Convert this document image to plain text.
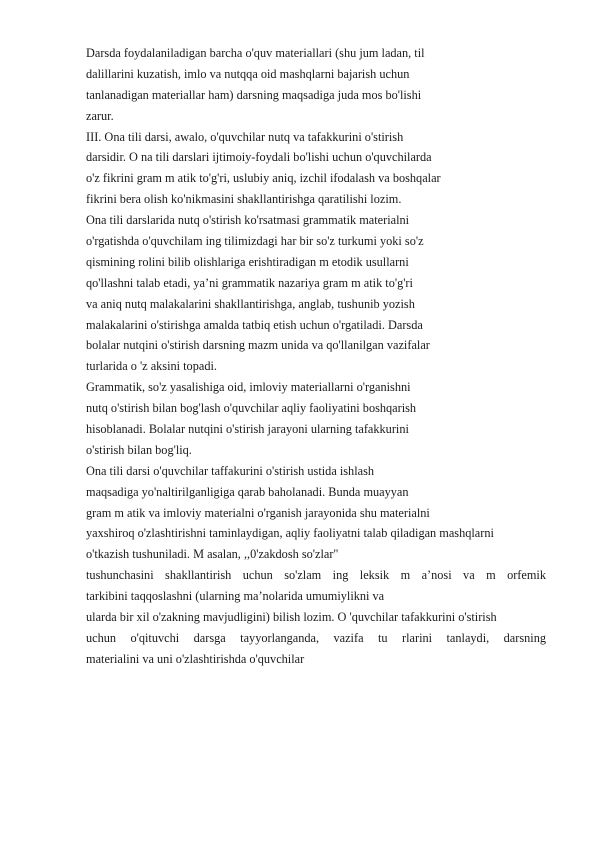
Darsda foydalaniladigan barcha o'quv materiallari (shu jum ladan, til
dalillarini kuzatish, imlo va nutqqa oid mashqlarni bajarish uchun
tanlanadigan materiallar ham) darsning maqsadiga juda mos bo'lishi
zarur.
III. Ona tili darsi, awalo, o'quvchilar nutq va tafakkurini o'stirish
darsidir. O na tili darslari ijtimoiy-foydali bo'lishi uchun o'quvchilarda
o'z fikrini gram m atik to'g'ri, uslubiy aniq, izchil ifodalash va boshqalar
fikrini bera olish ko'nikmasini shakllantirishga qaratilishi lozim.
Ona tili darslarida nutq o'stirish ko'rsatmasi grammatik materialni
o'rgatishda o'quvchilam ing tilimizdagi har bir so'z turkumi yoki so'z
qismining rolini bilib olishlariga erishtiradigan m etodik usullarni
qo'llashni talab etadi, ya’ni grammatik nazariya gram m atik to'g'ri
va aniq nutq malakalarini shakllantirishga, anglab, tushunib yozish
malakalarini o'stirishga amalda tatbiq etish uchun o'rgatiladi. Darsda
bolalar nutqini o'stirish darsning mazm unida va qo'llanilgan vazifalar
turlarida o 'z aksini topadi.
Grammatik, so'z yasalishiga oid, imloviy materiallarni o'rganishni
nutq o'stirish bilan bog'lash o'quvchilar aqliy faoliyatini boshqarish
hisoblanadi. Bolalar nutqini o'stirish jarayoni ularning tafakkurini
o'stirish bilan bog'liq.
Ona tili darsi o'quvchilar taffakurini o'stirish ustida ishlash
maqsadiga yo'naltirilganligiga qarab baholanadi. Bunda muayyan
gram m atik va imloviy materialni o'rganish jarayonida shu materialni
yaxshiroq o'zlashtirishni taminlaydigan, aqliy faoliyatni talab qiladigan mashqlarni
o'tkazish tushuniladi. M asalan, ,,0'zakdosh so'zlar"
tushunchasini shakllantirish uchun so'zlam ing leksik m a’nosi va m orfemik
tarkibini taqqoslashni (ularning ma’nolarida umumiylikni va
ularda bir xil o'zakning mavjudligini) bilish lozim. O 'quvchilar tafakkurini o'stirish
uchun o'qituvchi darsga tayyorlanganda, vazifa tu rlarini tanlaydi, darsning
materialini va uni o'zlashtirishda o'quvchilar
